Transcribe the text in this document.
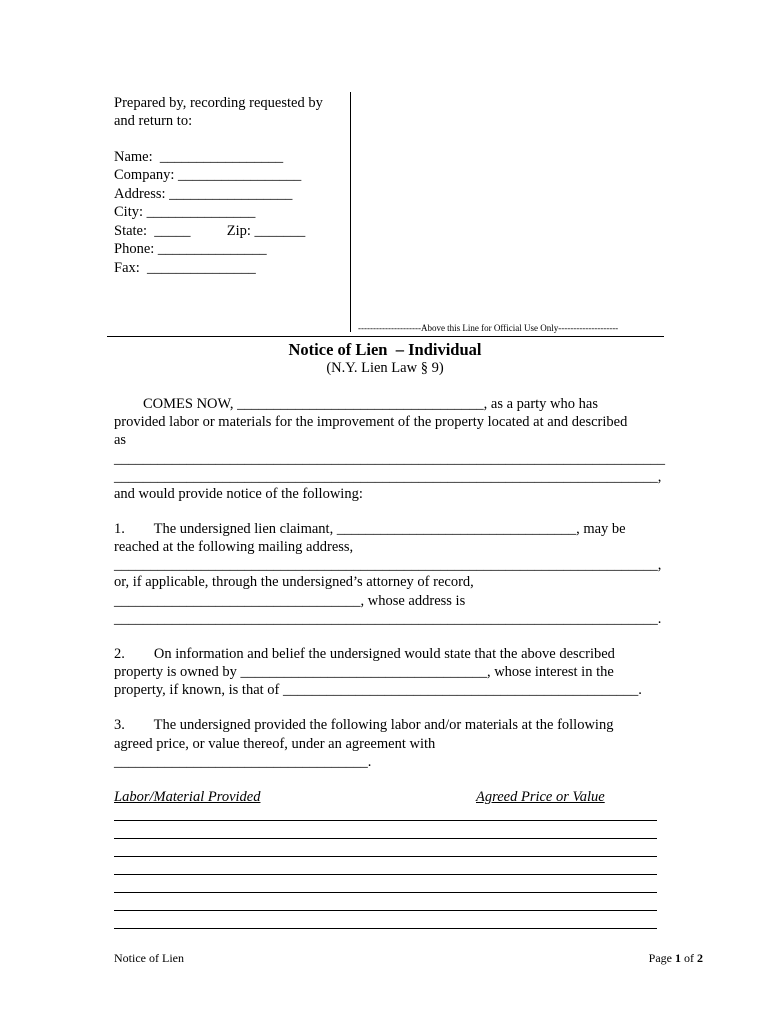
Prepared by, recording requested by
and return to:
Name:  _________________
Company: _________________
Address: _________________
City: _______________
State:  _____          Zip: _______
Phone: _______________
Fax:  _______________
---------------------Above this Line for Official Use Only--------------------
Notice of Lien  – Individual
(N.Y. Lien Law § 9)
COMES NOW, __________________________________, as a party who has
provided labor or materials for the improvement of the property located at and described
as
____________________________________________________________________________
___________________________________________________________________________,
and would provide notice of the following:
1.        The undersigned lien claimant, _________________________________, may be
reached at the following mailing address,
___________________________________________________________________________,
or, if applicable, through the undersigned’s attorney of record,
__________________________________, whose address is
___________________________________________________________________________.
2.        On information and belief the undersigned would state that the above described
property is owned by __________________________________, whose interest in the
property, if known, is that of _________________________________________________.
3.        The undersigned provided the following labor and/or materials at the following
agreed price, or value thereof, under an agreement with
___________________________________.
Labor/Material Provided	Agreed Price or Value
Notice of Lien	Page 1 of 2
